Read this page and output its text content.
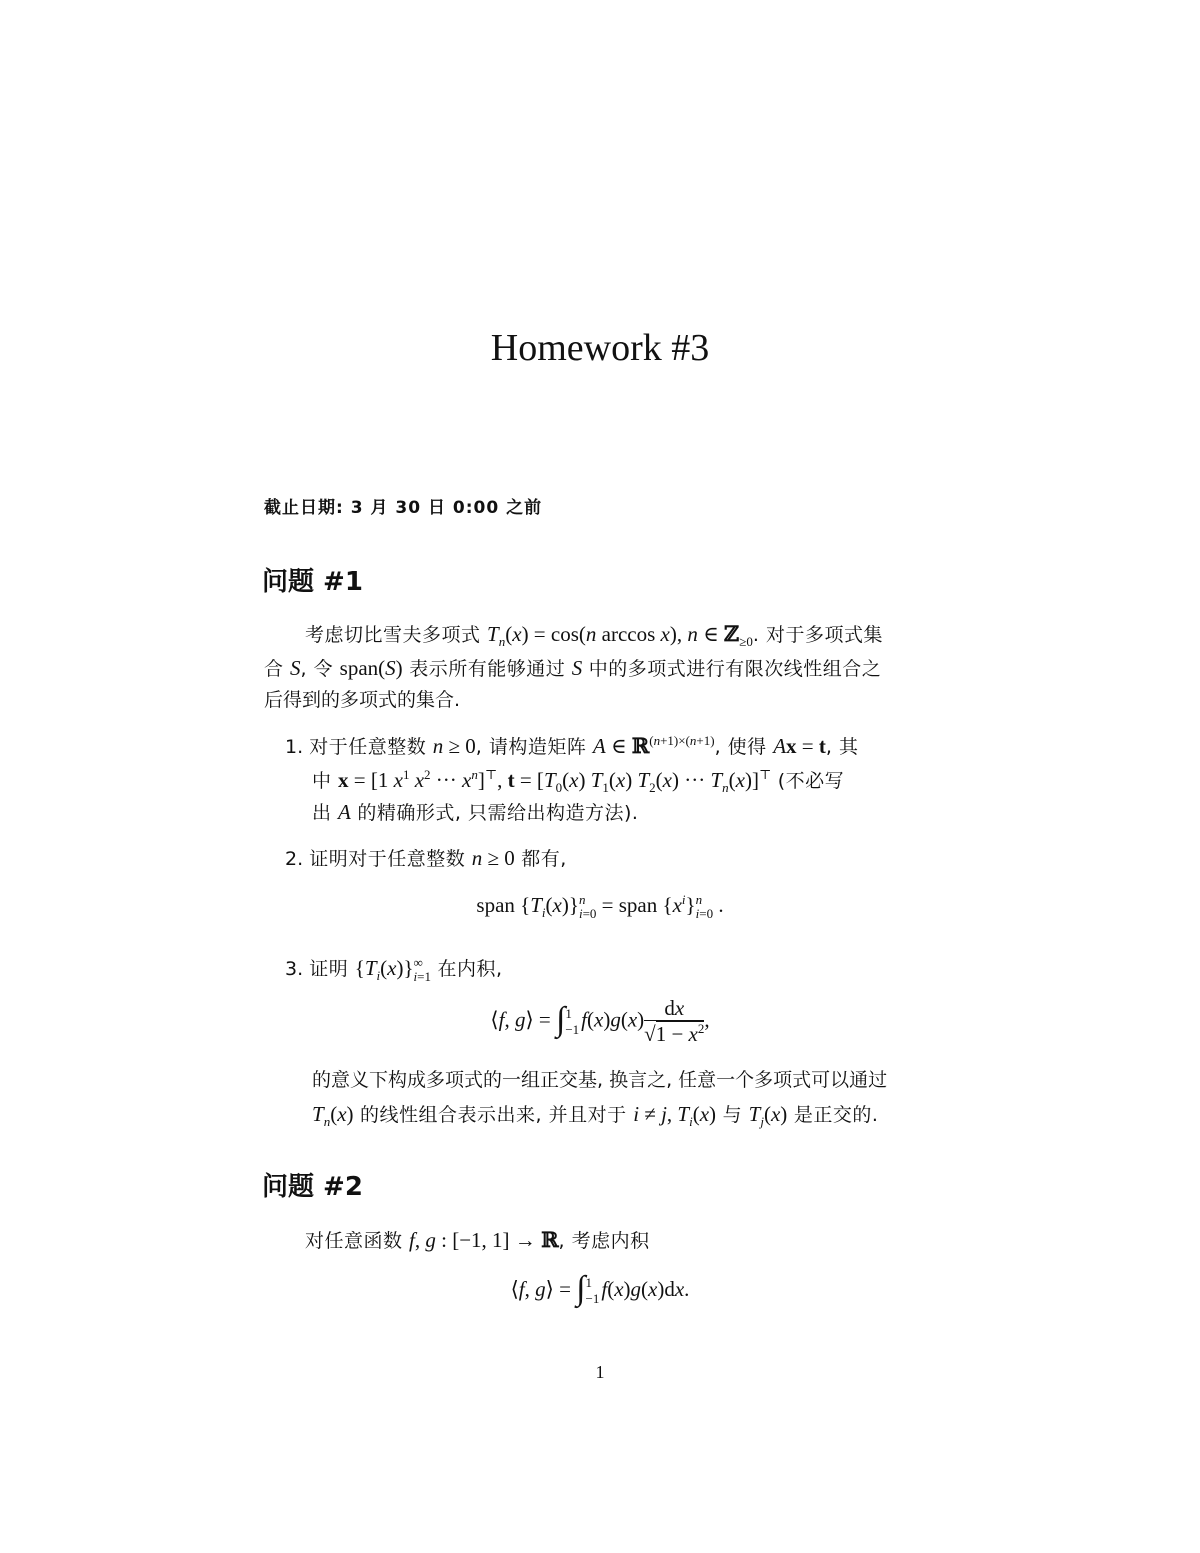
Homework #3
截止日期: 3 月 30 日 0:00 之前
问题 #1
考虑切比雪夫多项式 $T_n(x) = \cos(n$ arccos x), n ∈ ℤ$_{\ge 0}$. 对于多项式集
合 S, 令 span(S) 表示所有能够通过 S 中的多项式进行有限次线性组合之
后得到的多项式的集合.
1. 对于任意整数 n ≥ 0, 请构造矩阵 A ∈ ℝ$^{(n+1)\times(n+1)}$, 使得 Ax = t, 其
中 x = [1 $x^1$ $x^2$ ··· $x^n]^⊤$, $t = [T_0(x)$ $T_1(x)$ $T_2(x)$ ··· $T_n(x)]^⊤$ (不必写
出 A 的精确形式, 只需给出构造方法).
2. 证明对于任意整数 n ≥ 0 都有,
span $\{T_i(x)\}n$
i=0 = span $\{x^i\}n$
i=0 .
3. 证明 $\{T_i(x)\}\infty$
i=1 在内积,
⟨f, g⟩ = ∫1
$-1f(x)g(x) \frac{dx}{√1 - x^2}$ ,
的意义下构成多项式的一组正交基, 换言之, 任意一个多项式可以通过
$T_n(x)$ 的线性组合表示出来, 并且对于 i ≠ j, $T_i(x)$ 与 $T_j(x)$ 是正交的.
问题 #2
对任意函数 f, g : [−1, 1] → ℝ, 考虑内积
⟨f, g⟩ = ∫1
−1f(x)g(x)dx.
1
